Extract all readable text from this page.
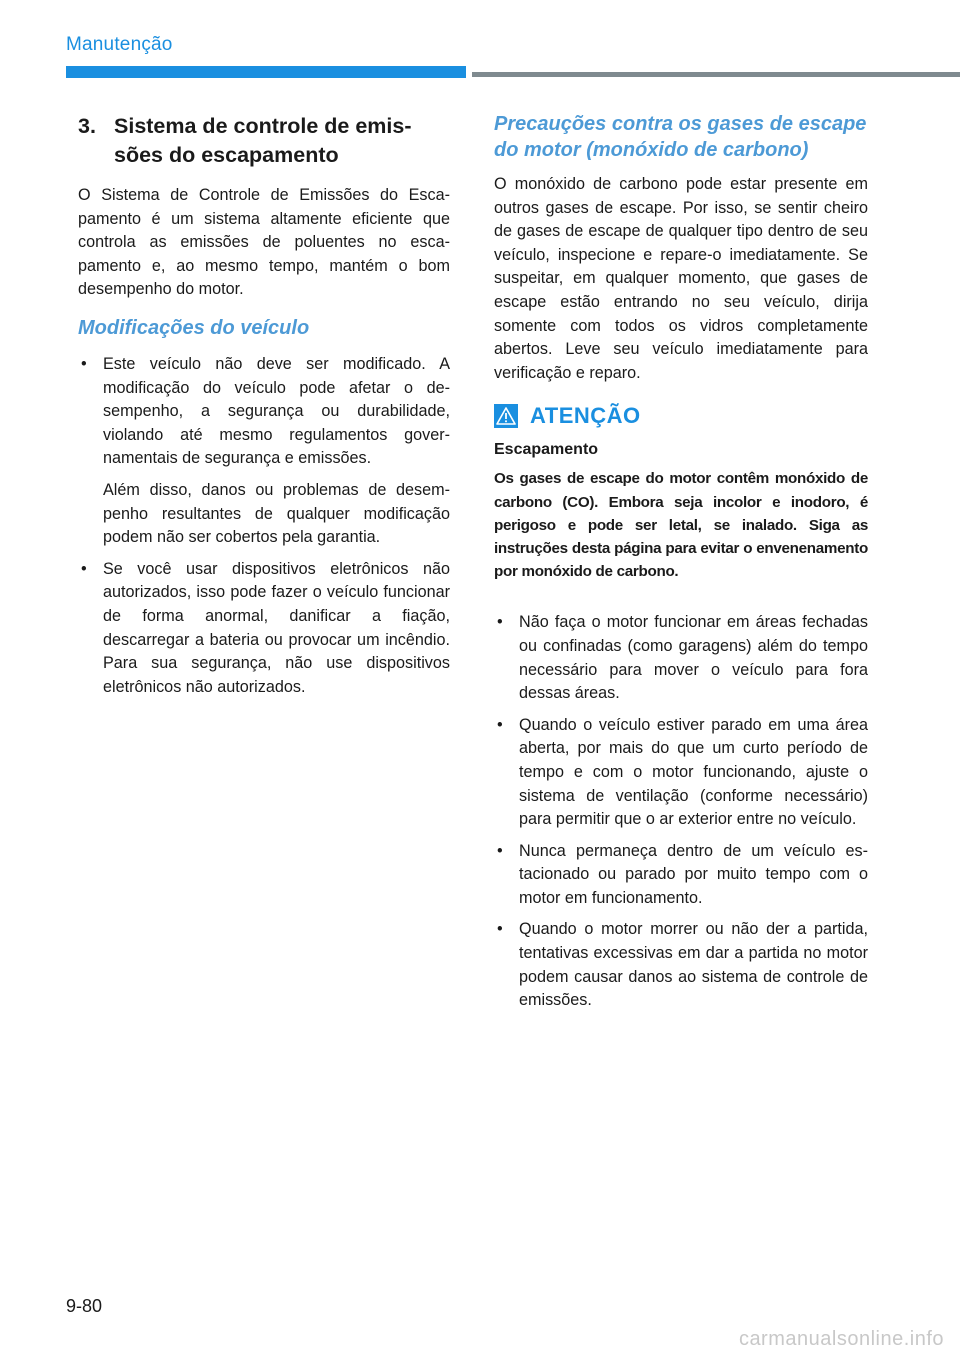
Manutenção
3. Sistema de controle de emissões do escapamento

O Sistema de Controle de Emissões do Escapamento é um sistema altamente eficiente que controla as emissões de poluentes no escapamento e, ao mesmo tempo, mantém o bom desempenho do motor.

Modificações do veículo
• Este veículo não deve ser modificado. A modificação do veículo pode afetar o desempenho, a segurança ou durabilidade, violando até mesmo regulamentos governamentais de segurança e emissões.

Além disso, danos ou problemas de desempenho resultantes de qualquer modificação podem não ser cobertos pela garantia.

• Se você usar dispositivos eletrônicos não autorizados, isso pode fazer o veículo funcionar de forma anormal, danificar a fiação, descarregar a bateria ou provocar um incêndio. Para sua segurança, não use dispositivos eletrônicos não autorizados.
Precauções contra os gases de escape do motor (monóxido de carbono)

O monóxido de carbono pode estar presente em outros gases de escape. Por isso, se sentir cheiro de gases de escape de qualquer tipo dentro de seu veículo, inspecione e repare-o imediatamente. Se suspeitar, em qualquer momento, que gases de escape estão entrando no seu veículo, dirija somente com todos os vidros completamente abertos. Leve seu veículo imediatamente para verificação e reparo.

ATENÇÃO
Escapamento

Os gases de escape do motor contêm monóxido de carbono (CO). Embora seja incolor e inodoro, é perigoso e pode ser letal, se inalado. Siga as instruções desta página para evitar o envenenamento por monóxido de carbono.

• Não faça o motor funcionar em áreas fechadas ou confinadas (como garagens) além do tempo necessário para mover o veículo para fora dessas áreas.
• Quando o veículo estiver parado em uma área aberta, por mais do que um curto período de tempo e com o motor funcionando, ajuste o sistema de ventilação (conforme necessário) para permitir que o ar exterior entre no veículo.
• Nunca permaneça dentro de um veículo estacionado ou parado por muito tempo com o motor em funcionamento.
• Quando o motor morrer ou não der a partida, tentativas excessivas em dar a partida no motor podem causar danos ao sistema de controle de emissões.
9-80
carmanualsonline.info
